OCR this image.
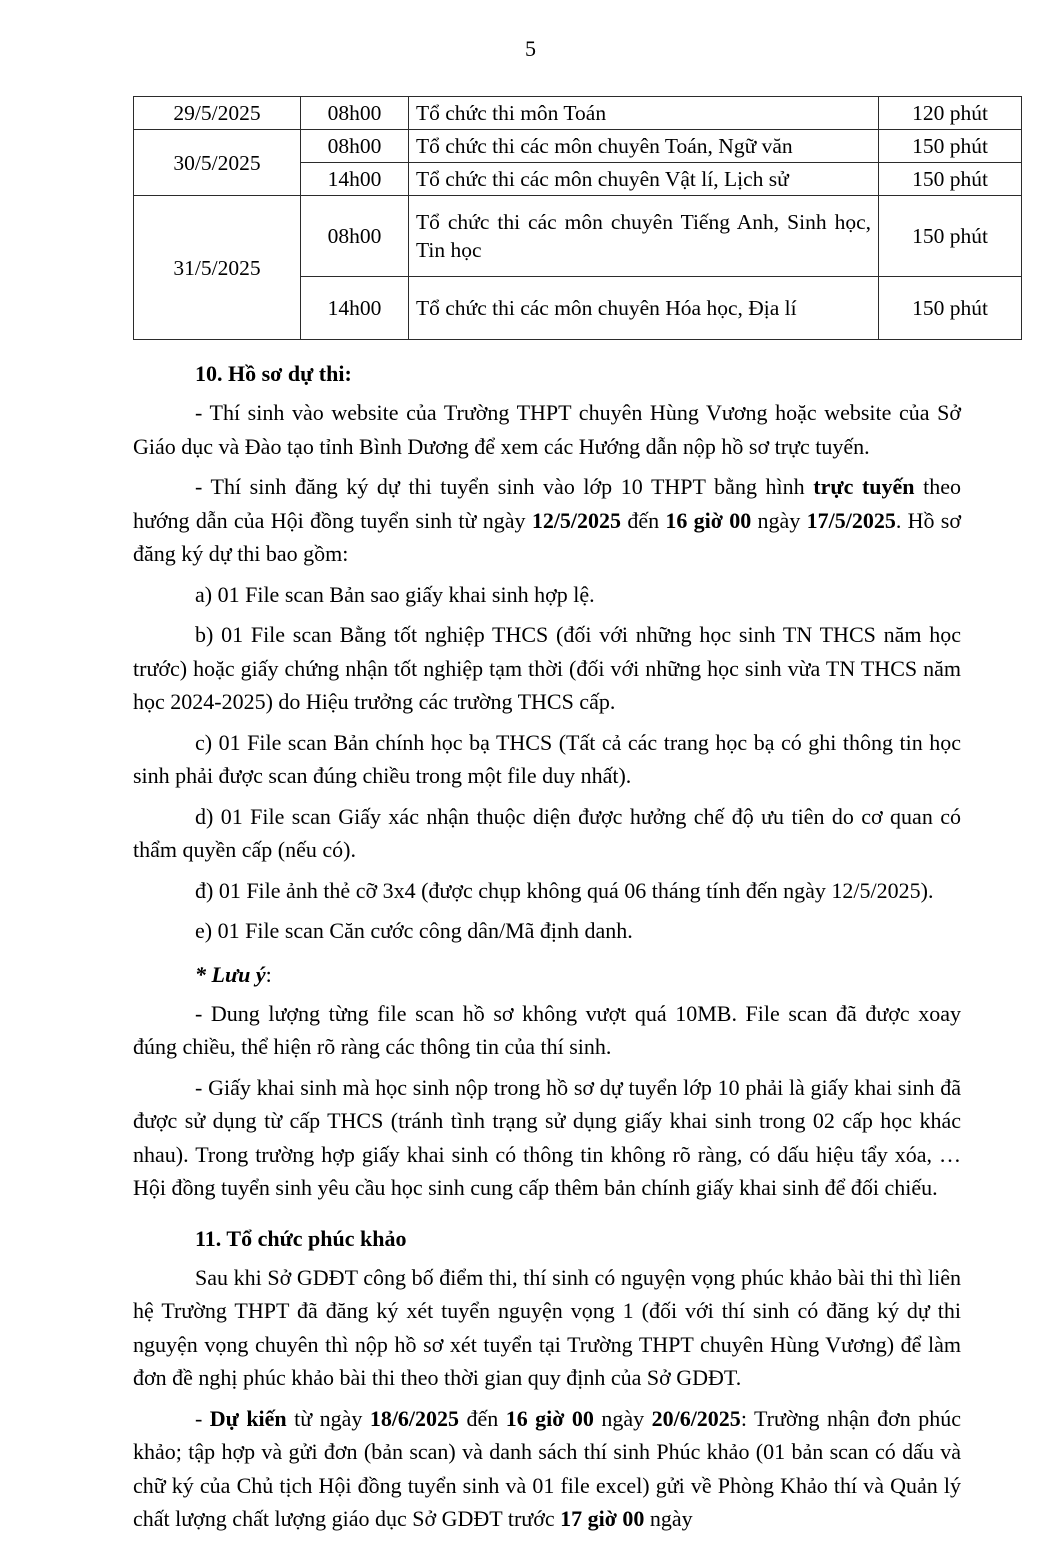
5
29/5/2025	08h00	Tổ chức thi môn Toán	120 phút
30/5/2025	08h00	Tổ chức thi các môn chuyên Toán, Ngữ văn	150 phút
	14h00	Tổ chức thi các môn chuyên Vật lí, Lịch sử	150 phút
31/5/2025	08h00	Tổ chức thi các môn chuyên Tiếng Anh, Sinh học, Tin học	150 phút
	14h00	Tổ chức thi các môn chuyên Hóa học, Địa lí	150 phút
10. Hồ sơ dự thi:

- Thí sinh vào website của Trường THPT chuyên Hùng Vương hoặc website của Sở Giáo dục và Đào tạo tỉnh Bình Dương để xem các Hướng dẫn nộp hồ sơ trực tuyến.

- Thí sinh đăng ký dự thi tuyển sinh vào lớp 10 THPT bằng hình trực tuyến theo hướng dẫn của Hội đồng tuyển sinh từ ngày 12/5/2025 đến 16 giờ 00 ngày 17/5/2025. Hồ sơ đăng ký dự thi bao gồm:

a) 01 File scan Bản sao giấy khai sinh hợp lệ.

b) 01 File scan Bằng tốt nghiệp THCS (đối với những học sinh TN THCS năm học trước) hoặc giấy chứng nhận tốt nghiệp tạm thời (đối với những học sinh vừa TN THCS năm học 2024-2025) do Hiệu trưởng các trường THCS cấp.

c) 01 File scan Bản chính học bạ THCS (Tất cả các trang học bạ có ghi thông tin học sinh phải được scan đúng chiều trong một file duy nhất).

d) 01 File scan Giấy xác nhận thuộc diện được hưởng chế độ ưu tiên do cơ quan có thẩm quyền cấp (nếu có).

đ) 01 File ảnh thẻ cỡ 3x4 (được chụp không quá 06 tháng tính đến ngày 12/5/2025).

e) 01 File scan Căn cước công dân/Mã định danh.

* Lưu ý:

- Dung lượng từng file scan hồ sơ không vượt quá 10MB. File scan đã được xoay đúng chiều, thể hiện rõ ràng các thông tin của thí sinh.

- Giấy khai sinh mà học sinh nộp trong hồ sơ dự tuyển lớp 10 phải là giấy khai sinh đã được sử dụng từ cấp THCS (tránh tình trạng sử dụng giấy khai sinh trong 02 cấp học khác nhau). Trong trường hợp giấy khai sinh có thông tin không rõ ràng, có dấu hiệu tẩy xóa, … Hội đồng tuyển sinh yêu cầu học sinh cung cấp thêm bản chính giấy khai sinh để đối chiếu.

11. Tổ chức phúc khảo

Sau khi Sở GDĐT công bố điểm thi, thí sinh có nguyện vọng phúc khảo bài thi thì liên hệ Trường THPT đã đăng ký xét tuyển nguyện vọng 1 (đối với thí sinh có đăng ký dự thi nguyện vọng chuyên thì nộp hồ sơ xét tuyển tại Trường THPT chuyên Hùng Vương) để làm đơn đề nghị phúc khảo bài thi theo thời gian quy định của Sở GDĐT.

- Dự kiến từ ngày 18/6/2025 đến 16 giờ 00 ngày 20/6/2025: Trường nhận đơn phúc khảo; tập hợp và gửi đơn (bản scan) và danh sách thí sinh Phúc khảo (01 bản scan có dấu và chữ ký của Chủ tịch Hội đồng tuyển sinh và 01 file excel) gửi về Phòng Khảo thí và Quản lý chất lượng chất lượng giáo dục Sở GDĐT trước 17 giờ 00 ngày
